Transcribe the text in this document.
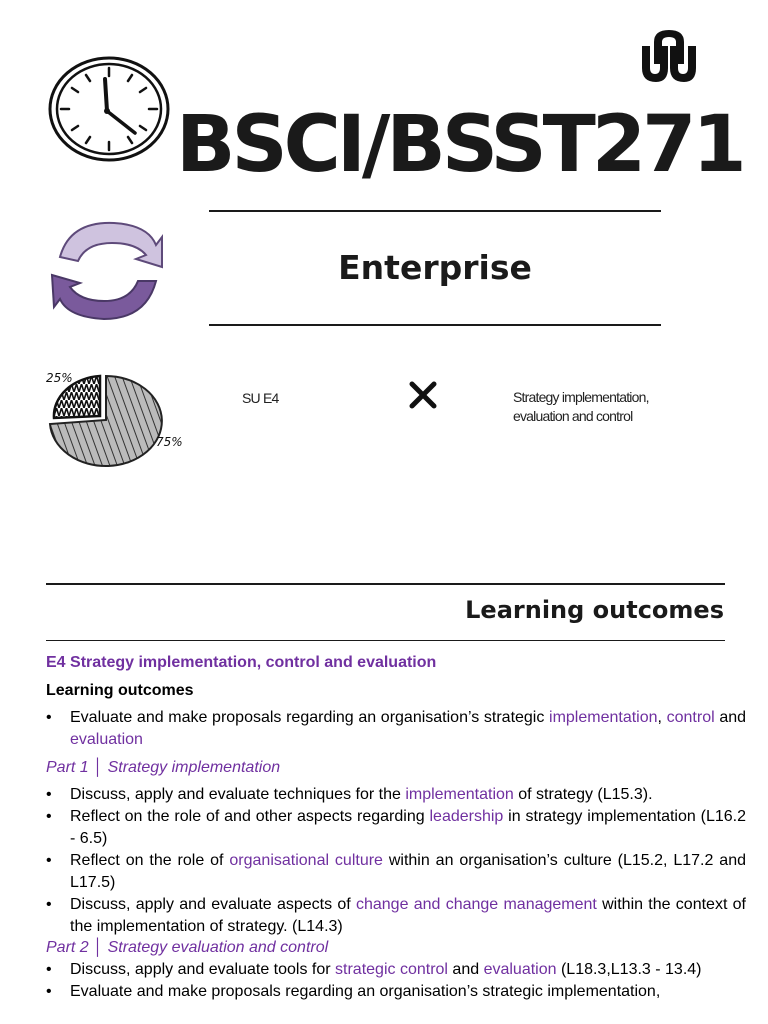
BSCI/BSST271
Enterprise
25%
75%
SU E4	Strategy implementation, evaluation and control
Learning outcomes
E4 Strategy implementation, control and evaluation
Learning outcomes
• Evaluate and make proposals regarding an organisation’s strategic implementation, control and evaluation
Part 1 │ Strategy implementation
• Discuss, apply and evaluate techniques for the implementation of strategy (L15.3).
• Reflect on the role of and other aspects regarding leadership in strategy implementation (L16.2 - 6.5)
• Reflect on the role of organisational culture within an organisation’s culture (L15.2, L17.2 and L17.5)
• Discuss, apply and evaluate aspects of change and change management within the context of the implementation of strategy. (L14.3)
Part 2 │ Strategy evaluation and control
• Discuss, apply and evaluate tools for strategic control and evaluation (L18.3,L13.3 - 13.4)
• Evaluate and make proposals regarding an organisation’s strategic implementation,
